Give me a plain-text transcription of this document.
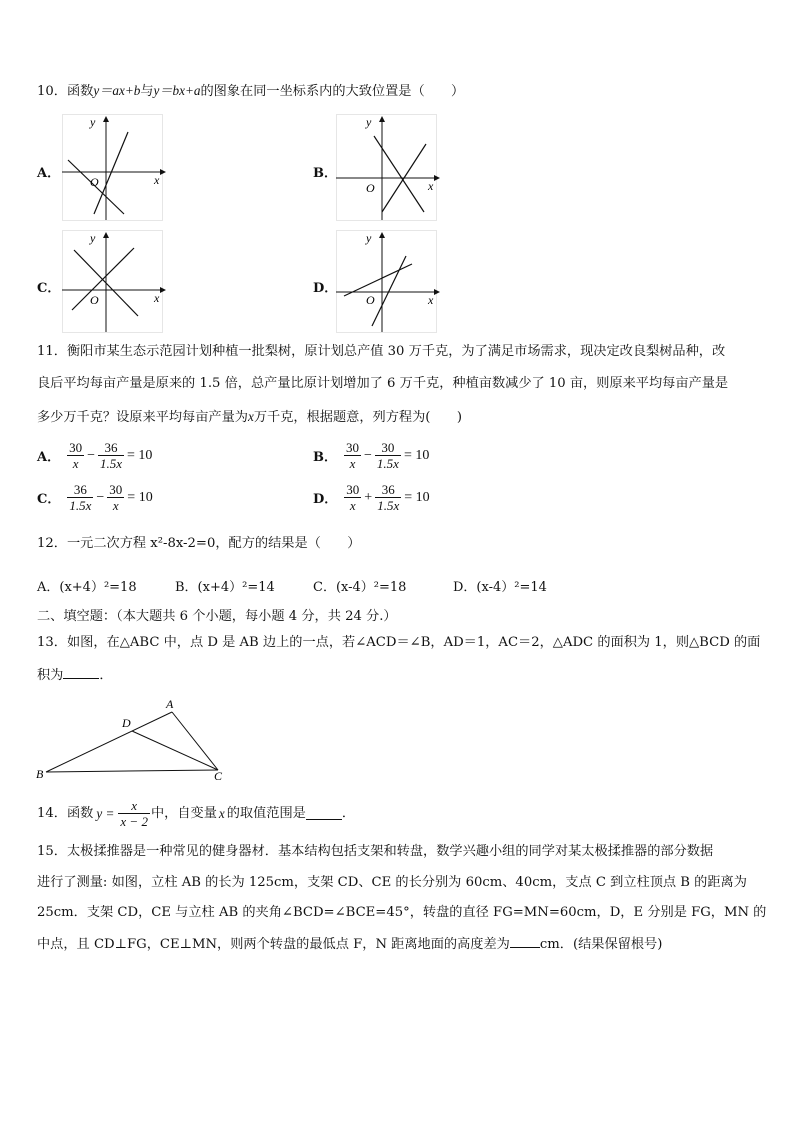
10．函数y＝ax+b与y＝bx+a的图象在同一坐标系内的大致位置是（　　）
A．	B．
C．	D．
O	x
y
O	x
y
O	x
y
O	x
y
11．衡阳市某生态示范园计划种植一批梨树，原计划总产值 30 万千克，为了满足市场需求，现决定改良梨树品种，改
良后平均每亩产量是原来的 1.5 倍，总产量比原计划增加了 6 万千克，种植亩数减少了 10 亩，则原来平均每亩产量是
多少万千克？设原来平均每亩产量为x万千克，根据题意，列方程为(　　)
A． $\frac{30}{x} - \frac{36}{1.5x} = 10$	B． $\frac{30}{x} - \frac{30}{1.5x} = 10$
C． $\frac{36}{1.5x} - \frac{30}{x} = 10$	D． $\frac{30}{x} + \frac{36}{1.5x} = 10$
12．一元二次方程 x²-8x-2=0，配方的结果是（　　）
A．(x+4）²=18	B．(x+4）²=14	C．(x-4）²=18	D．(x-4）²=14
二、填空题：（本大题共 6 个小题，每小题 4 分，共 24 分.）
13．如图，在△ABC 中，点 D 是 AB 边上的一点，若∠ACD＝∠B，AD＝1，AC＝2，△ADC 的面积为 1，则△BCD 的面
积为	．
A
D
B	C
14．函数 $y = \frac{x}{x - 2}$ 中，自变量 x 的取值范围是	．
15．太极揉推器是一种常见的健身器材．基本结构包括支架和转盘，数学兴趣小组的同学对某太极揉推器的部分数据
进行了测量: 如图，立柱 AB 的长为 125cm，支架 CD、CE 的长分别为 60cm、40cm，支点 C 到立柱顶点 B 的距离为
25cm．支架 CD，CE 与立柱 AB 的夹角∠BCD=∠BCE=45°，转盘的直径 FG=MN=60cm，D，E 分别是 FG，MN 的
中点，且 CD⊥FG，CE⊥MN，则两个转盘的最低点 F，N 距离地面的高度差为 cm．(结果保留根号)
